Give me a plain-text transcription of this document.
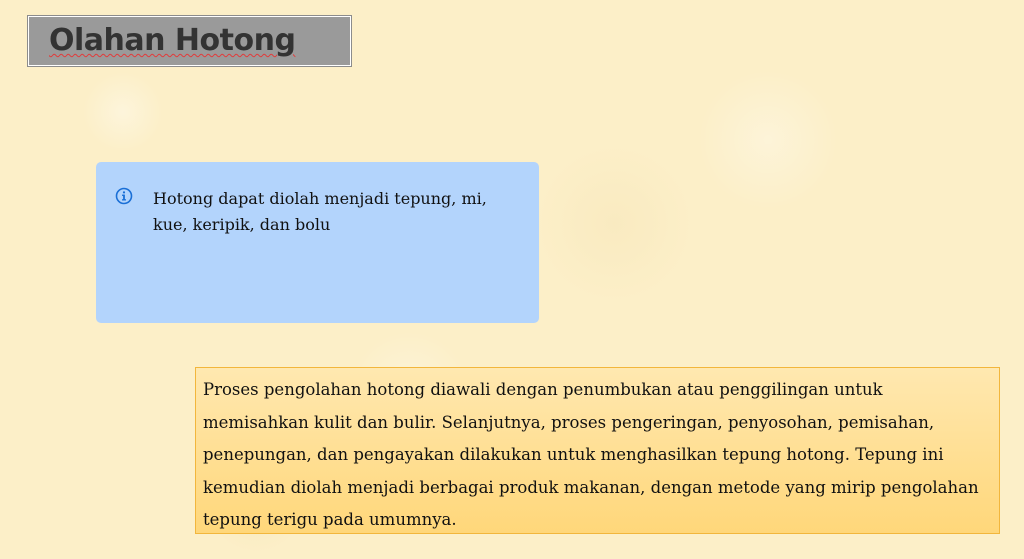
Olahan Hotong
Hotong dapat diolah menjadi tepung, mi, kue, keripik, dan bolu
Proses pengolahan hotong diawali dengan penumbukan atau penggilingan untuk memisahkan kulit dan bulir. Selanjutnya, proses pengeringan, penyosohan, pemisahan, penepungan, dan pengayakan dilakukan untuk menghasilkan tepung hotong. Tepung ini kemudian diolah menjadi berbagai produk makanan, dengan metode yang mirip pengolahan tepung terigu pada umumnya.
